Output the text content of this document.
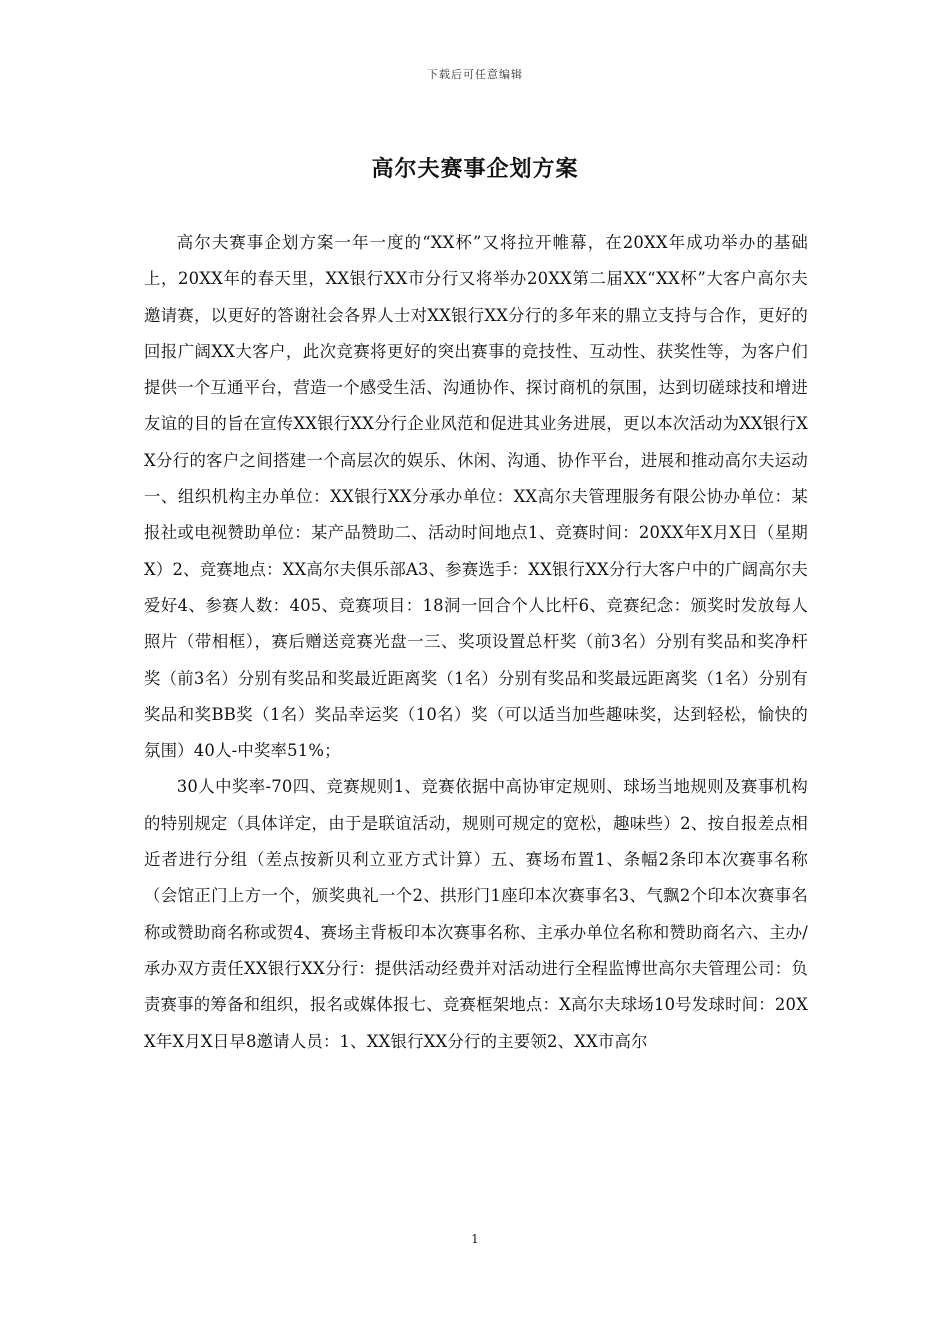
下载后可任意编辑
高尔夫赛事企划方案

高尔夫赛事企划方案一年一度的“XX杯”又将拉开帷幕，在20XX年成功举办的基础上，20XX年的春天里，XX银行XX市分行又将举办20XX第二届XX“XX杯”大客户高尔夫邀请赛，以更好的答谢社会各界人士对XX银行XX分行的多年来的鼎立支持与合作，更好的回报广阔XX大客户，此次竞赛将更好的突出赛事的竞技性、互动性、获奖性等，为客户们提供一个互通平台，营造一个感受生活、沟通协作、探讨商机的氛围，达到切磋球技和增进友谊的目的旨在宣传XX银行XX分行企业风范和促进其业务进展，更以本次活动为XX银行XX分行的客户之间搭建一个高层次的娱乐、休闲、沟通、协作平台，进展和推动高尔夫运动一、组织机构主办单位：XX银行XX分承办单位：XX高尔夫管理服务有限公协办单位：某报社或电视赞助单位：某产品赞助二、活动时间地点1、竞赛时间：20XX年X月X日（星期X）2、竞赛地点：XX高尔夫俱乐部A3、参赛选手：XX银行XX分行大客户中的广阔高尔夫爱好4、参赛人数：405、竞赛项目：18洞一回合个人比杆6、竞赛纪念：颁奖时发放每人照片（带相框），赛后赠送竞赛光盘一三、奖项设置总杆奖（前3名）分别有奖品和奖净杆奖（前3名）分别有奖品和奖最近距离奖（1名）分别有奖品和奖最远距离奖（1名）分别有奖品和奖BB奖（1名）奖品幸运奖（10名）奖（可以适当加些趣味奖，达到轻松，愉快的氛围）40人-中奖率51%；

30人中奖率-70四、竞赛规则1、竞赛依据中高协审定规则、球场当地规则及赛事机构的特别规定（具体详定，由于是联谊活动，规则可规定的宽松，趣味些）2、按自报差点相近者进行分组（差点按新贝利立亚方式计算）五、赛场布置1、条幅2条印本次赛事名称（会馆正门上方一个，颁奖典礼一个2、拱形门1座印本次赛事名3、气飘2个印本次赛事名称或赞助商名称或贺4、赛场主背板印本次赛事名称、主承办单位名称和赞助商名六、主办/承办双方责任XX银行XX分行：提供活动经费并对活动进行全程监博世高尔夫管理公司：负责赛事的筹备和组织，报名或媒体报七、竞赛框架地点：X高尔夫球场10号发球时间：20XX年X月X日早8邀请人员：1、XX银行XX分行的主要领2、XX市高尔

1
